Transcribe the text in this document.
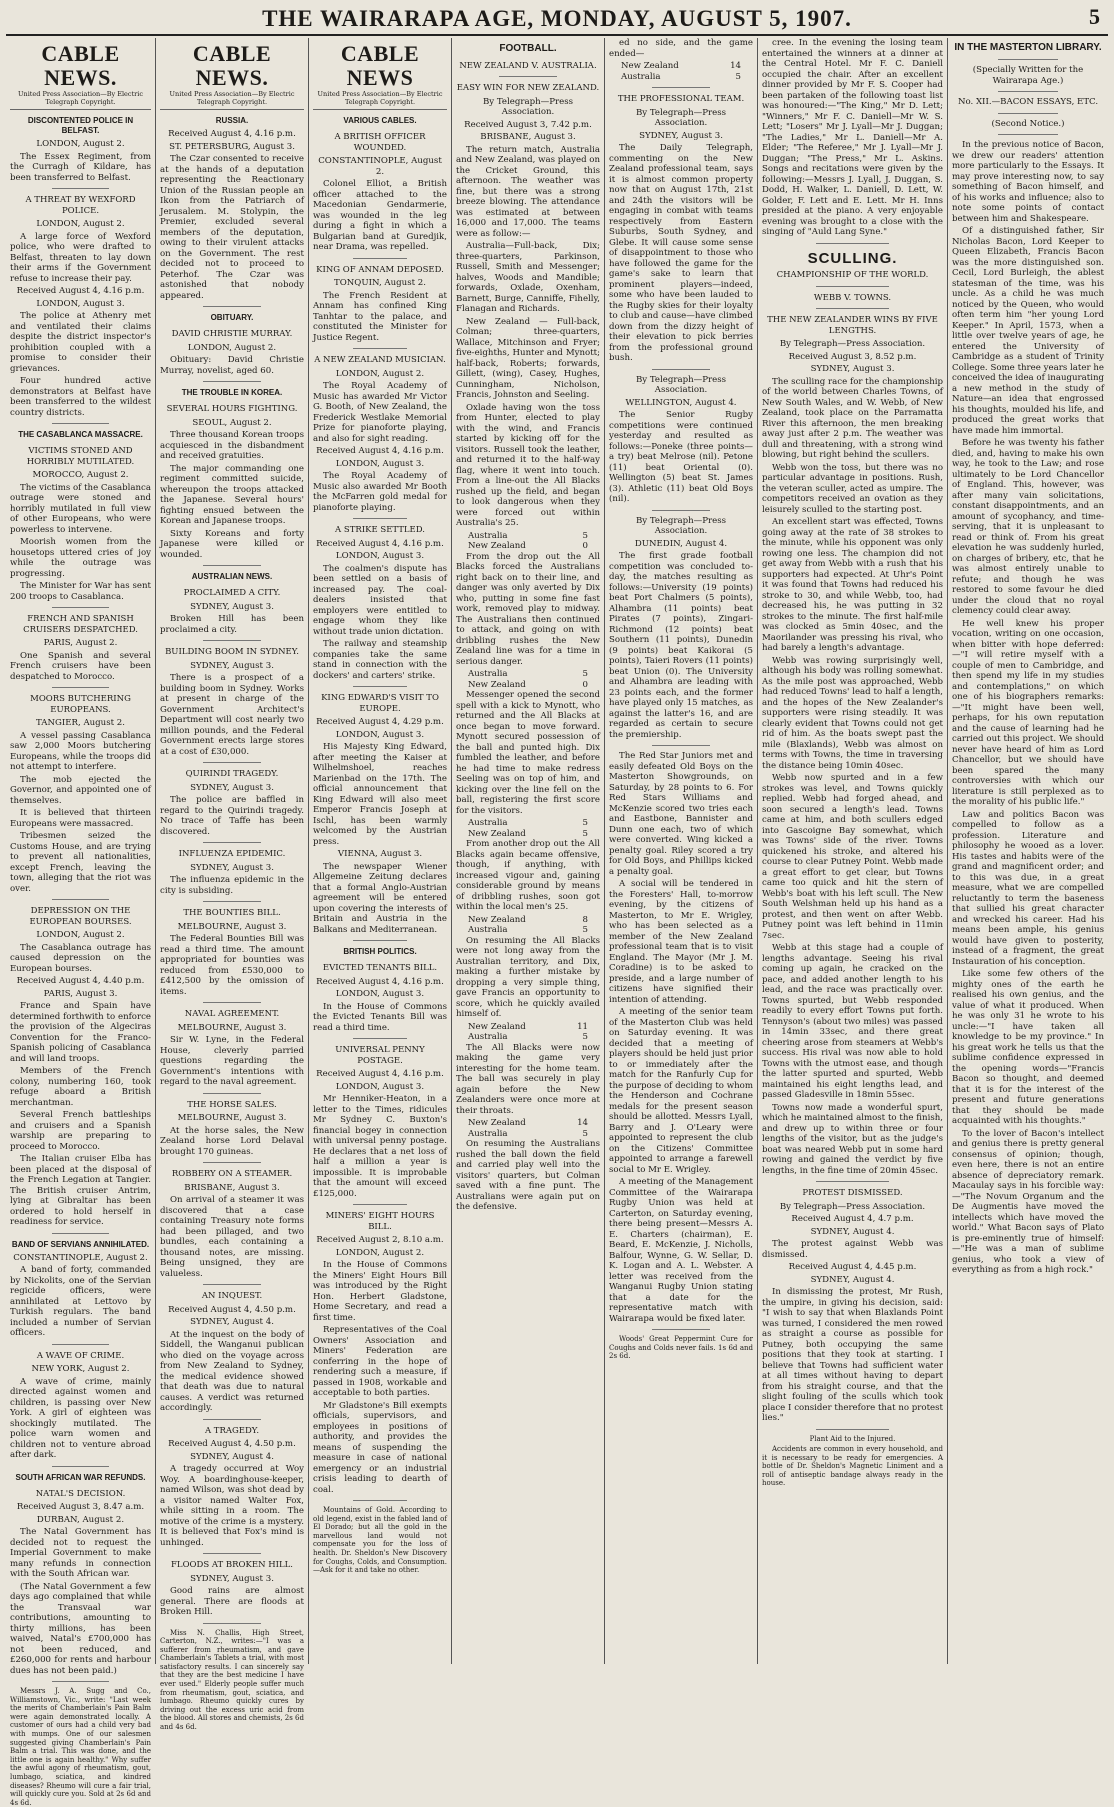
THE WAIRARAPA AGE, MONDAY, AUGUST 5, 1907.	5
CABLE NEWS.
United Press Association—By Electric Telegraph Copyright.
DISCONTENTED POLICE IN BELFAST.
LONDON, August 2.
The Essex Regiment, from the Curragh of Kildare, has been transferred to Belfast.
A THREAT BY WEXFORD POLICE.
LONDON, August 2.
A large force of Wexford police, who were drafted to Belfast, threaten to lay down their arms if the Government refuse to increase their pay.
Received August 4, 4.16 p.m.
LONDON, August 3.
The police at Athenry met and ventilated their claims despite the district inspector's prohibition coupled with a promise to consider their grievances.
Four hundred active demonstrators at Belfast have been transferred to the wildest country districts.
THE CASABLANCA MASSACRE.
VICTIMS STONED AND HORRIBLY MUTILATED.
MOROCCO, August 2.
The victims of the Casablanca outrage were stoned and horribly mutilated in full view of other Europeans, who were powerless to intervene.
Moorish women from the housetops uttered cries of joy while the outrage was progressing.
The Minister for War has sent 200 troops to Casablanca.
FRENCH AND SPANISH CRUISERS DESPATCHED.
PARIS, August 2.
One Spanish and several French cruisers have been despatched to Morocco.
MOORS BUTCHERING EUROPEANS.
TANGIER, August 2.
A vessel passing Casablanca saw 2,000 Moors butchering Europeans, while the troops did not attempt to interfere.
The mob ejected the Governor, and appointed one of themselves.
It is believed that thirteen Europeans were massacred.
Tribesmen seized the Customs House, and are trying to prevent all nationalities, except French, leaving the town, alleging that the riot was over.
DEPRESSION ON THE EUROPEAN BOURSES.
LONDON, August 2.
The Casablanca outrage has caused depression on the European bourses.
Received August 4, 4.40 p.m.
PARIS, August 3.
France and Spain have determined forthwith to enforce the provision of the Algeciras Convention for the Franco-Spanish policing of Casablanca and will land troops.
Members of the French colony, numbering 160, took refuge aboard a British merchantman.
Several French battleships and cruisers and a Spanish warship are preparing to proceed to Morocco.
The Italian cruiser Elba has been placed at the disposal of the French Legation at Tangier. The British cruiser Antrim, lying at Gibraltar has been ordered to hold herself in readiness for service.
BAND OF SERVIANS ANNIHILATED.
CONSTANTINOPLE, August 2.
A band of forty, commanded by Nickolits, one of the Servian regicide officers, were annihilated at Lettovo by Turkish regulars. The band included a number of Servian officers.
A WAVE OF CRIME.
NEW YORK, August 2.
A wave of crime, mainly directed against women and children, is passing over New York. A girl of eighteen was shockingly mutilated. The police warn women and children not to venture abroad after dark.
SOUTH AFRICAN WAR REFUNDS.
NATAL'S DECISION.
Received August 3, 8.47 a.m.
DURBAN, August 2.
The Natal Government has decided not to request the Imperial Government to make many refunds in connection with the South African war.
(The Natal Government a few days ago complained that while the Transvaal war contributions, amounting to thirty millions, has been waived, Natal's £700,000 has not been reduced, and £260,000 for rents and harbour dues has not been paid.)
Messrs J. A. Sugg and Co., Williamstown, Vic., write: "Last week the merits of Chamberlain's Pain Balm were again demonstrated locally. A customer of ours had a child very bad with mumps. One of our salesmen suggested giving Chamberlain's Pain Balm a trial. This was done, and the little one is again healthy." Why suffer the awful agony of rheumatism, gout, lumbago, sciatica, and kindred diseases? Rheumo will cure a fair trial, will quickly cure you. Sold at 2s 6d and 4s 6d.
CABLE NEWS.
United Press Association—By Electric Telegraph Copyright.
RUSSIA.
Received August 4, 4.16 p.m.
ST. PETERSBURG, August 3.
The Czar consented to receive at the hands of a deputation representing the Reactionary Union of the Russian people an Ikon from the Patriarch of Jerusalem. M. Stolypin, the Premier, excluded several members of the deputation, owing to their virulent attacks on the Government. The rest decided not to proceed to Peterhof. The Czar was astonished that nobody appeared.
OBITUARY.
DAVID CHRISTIE MURRAY.
LONDON, August 2.
Obituary: David Christie Murray, novelist, aged 60.
THE TROUBLE IN KOREA.
SEVERAL HOURS FIGHTING.
SEOUL, August 2.
Three thousand Korean troops acquiesced in the disbandment and received gratuities.
The major commanding one regiment committed suicide, whereupon the troops attacked the Japanese. Several hours' fighting ensued between the Korean and Japanese troops.
Sixty Koreans and forty Japanese were killed or wounded.
AUSTRALIAN NEWS.
PROCLAIMED A CITY.
SYDNEY, August 3.
Broken Hill has been proclaimed a city.
BUILDING BOOM IN SYDNEY.
SYDNEY, August 3.
There is a prospect of a building boom in Sydney. Works at present in charge of the Government Architect's Department will cost nearly two million pounds, and the Federal Government erects large stores at a cost of £30,000.
QUIRINDI TRAGEDY.
SYDNEY, August 3.
The police are baffled in regard to the Quirindi tragedy. No trace of Taffe has been discovered.
INFLUENZA EPIDEMIC.
SYDNEY, August 3.
The influenza epidemic in the city is subsiding.
THE BOUNTIES BILL.
MELBOURNE, August 3.
The Federal Bounties Bill was read a third time. The amount appropriated for bounties was reduced from £530,000 to £412,500 by the omission of items.
NAVAL AGREEMENT.
MELBOURNE, August 3.
Sir W. Lyne, in the Federal House, cleverly parried questions regarding the Government's intentions with regard to the naval agreement.
THE HORSE SALES.
MELBOURNE, August 3.
At the horse sales, the New Zealand horse Lord Delaval brought 170 guineas.
ROBBERY ON A STEAMER.
BRISBANE, August 3.
On arrival of a steamer it was discovered that a case containing Treasury note forms had been pillaged, and two bundles, each containing a thousand notes, are missing. Being unsigned, they are valueless.
AN INQUEST.
Received August 4, 4.50 p.m.
SYDNEY, August 4.
At the inquest on the body of Siddell, the Wanganui publican who died on the voyage across from New Zealand to Sydney, the medical evidence showed that death was due to natural causes. A verdict was returned accordingly.
A TRAGEDY.
Received August 4, 4.50 p.m.
SYDNEY, August 4.
A tragedy occurred at Woy Woy. A boardinghouse-keeper, named Wilson, was shot dead by a visitor named Walter Fox, while sitting in a room. The motive of the crime is a mystery. It is believed that Fox's mind is unhinged.
FLOODS AT BROKEN HILL.
SYDNEY, August 3.
Good rains are almost general. There are floods at Broken Hill.
Miss N. Challis, High Street, Carterton, N.Z., writes:—"I was a sufferer from rheumatism, and gave Chamberlain's Tablets a trial, with most satisfactory results. I can sincerely say that they are the best medicine I have ever used." Elderly people suffer much from rheumatism, gout, sciatica, and lumbago. Rheumo quickly cures by driving out the excess uric acid from the blood. All stores and chemists, 2s 6d and 4s 6d.
CABLE NEWS
United Press Association—By Electric Telegraph Copyright.
VARIOUS CABLES.
A BRITISH OFFICER WOUNDED.
CONSTANTINOPLE, August 2.
Colonel Elliot, a British officer attached to the Macedonian Gendarmerie, was wounded in the leg during a fight in which a Bulgarian band at Guredjik, near Drama, was repelled.
KING OF ANNAM DEPOSED.
TONQUIN, August 2.
The French Resident at Annam has confined King Tanhtar to the palace, and constituted the Minister for Justice Regent.
A NEW ZEALAND MUSICIAN.
LONDON, August 2.
The Royal Academy of Music has awarded Mr Victor G. Booth, of New Zealand, the Frederick Westlake Memorial Prize for pianoforte playing, and also for sight reading.
Received August 4, 4.16 p.m.
LONDON, August 3.
The Royal Academy of Music also awarded Mr Booth the McFarren gold medal for pianoforte playing.
A STRIKE SETTLED.
Received August 4, 4.16 p.m.
LONDON, August 3.
The coalmen's dispute has been settled on a basis of increased pay. The coal-dealers insisted that employers were entitled to engage whom they like without trade union dictation.
The railway and steamship companies take the same stand in connection with the dockers' and carters' strike.
KING EDWARD'S VISIT TO EUROPE.
Received August 4, 4.29 p.m.
LONDON, August 3.
His Majesty King Edward, after meeting the Kaiser at Wilhelmshoel, reaches Marienbad on the 17th. The official announcement that King Edward will also meet Emperor Francis Joseph at Ischl, has been warmly welcomed by the Austrian press.
VIENNA, August 3.
The newspaper Wiener Allgemeine Zeitung declares that a formal Anglo-Austrian agreement will be entered upon covering the interests of Britain and Austria in the Balkans and Mediterranean.
BRITISH POLITICS.
EVICTED TENANTS BILL.
Received August 4, 4.16 p.m.
LONDON, August 3.
In the House of Commons the Evicted Tenants Bill was read a third time.
UNIVERSAL PENNY POSTAGE.
Received August 4, 4.16 p.m.
LONDON, August 3.
Mr Henniker-Heaton, in a letter to the Times, ridicules Mr Sydney C. Buxton's financial bogey in connection with universal penny postage. He declares that a net loss of half a million a year is impossible. It is improbable that the amount will exceed £125,000.
MINERS' EIGHT HOURS BILL.
Received August 2, 8.10 a.m.
LONDON, August 2.
In the House of Commons the Miners' Eight Hours Bill was introduced by the Right Hon. Herbert Gladstone, Home Secretary, and read a first time.
Representatives of the Coal Owners' Association and Miners' Federation are conferring in the hope of rendering such a measure, if passed in 1908, workable and acceptable to both parties.
Mr Gladstone's Bill exempts officials, supervisors, and employees in positions of authority, and provides the means of suspending the measure in case of national emergency or an industrial crisis leading to dearth of coal.
Mountains of Gold. According to old legend, exist in the fabled land of El Dorado; but all the gold in the marvellous land would not compensate you for the loss of health. Dr. Sheldon's New Discovery for Coughs, Colds, and Consumption.—Ask for it and take no other.
FOOTBALL.
NEW ZEALAND V. AUSTRALIA.
EASY WIN FOR NEW ZEALAND.
By Telegraph—Press Association.
Received August 3, 7.42 p.m.
BRISBANE, August 3.
The return match, Australia and New Zealand, was played on the Cricket Ground, this afternoon. The weather was fine, but there was a strong breeze blowing. The attendance was estimated at between 16,000 and 17,000. The teams were as follow:—
Australia—Full-back, Dix; three-quarters, Parkinson, Russell, Smith and Messenger; halves, Woods and Mandible; forwards, Oxlade, Oxenham, Barnett, Burge, Canniffe, Fihelly, Flanagan and Richards.
New Zealand — Full-back, Colman; three-quarters, Wallace, Mitchinson and Fryer; five-eighths, Hunter and Mynott; half-back, Roberts; forwards, Gillett, (wing), Casey, Hughes, Cunningham, Nicholson, Francis, Johnston and Seeling.
Oxlade having won the toss from Hunter, elected to play with the wind, and Francis started by kicking off for the visitors. Russell took the leather, and returned it to the half-way flag, where it went into touch. From a line-out the All Blacks rushed up the field, and began to look dangerous when they were forced out within Australia's 25.
Australia	5
New Zealand	0
From the drop out the All Blacks forced the Australians right back on to their line, and danger was only averted by Dix who, putting in some fine fast work, removed play to midway. The Australians then continued to attack, and going on with dribbling rushes the New Zealand line was for a time in serious danger.
Australia	5
New Zealand	0
Messenger opened the second spell with a kick to Mynott, who returned and the All Blacks at once began to move forward. Mynott secured possession of the ball and punted high. Dix fumbled the leather, and before he had time to make redress Seeling was on top of him, and kicking over the line fell on the ball, registering the first score for the visitors.
Australia	5
New Zealand	5
From another drop out the All Blacks again became offensive, though, if anything, with increased vigour and, gaining considerable ground by means of dribbling rushes, soon got within the local men's 25.
New Zealand	8
Australia	5
On resuming the All Blacks were not long away from the Australian territory, and Dix, making a further mistake by dropping a very simple thing, gave Francis an opportunity to score, which he quickly availed himself of.
New Zealand	11
Australia	5
The All Blacks were now making the game very interesting for the home team. The ball was securely in play again before the New Zealanders were once more at their throats.
New Zealand	14
Australia	5
On resuming the Australians rushed the ball down the field and carried play well into the visitors' quarters, but Colman saved with a fine punt. The Australians were again put on the defensive.
ed no side, and the game ended—
New Zealand	14
Australia	5
THE PROFESSIONAL TEAM.
By Telegraph—Press Association.
SYDNEY, August 3.
The Daily Telegraph, commenting on the New Zealand professional team, says it is almost common property now that on August 17th, 21st and 24th the visitors will be engaging in combat with teams respectively from Eastern Suburbs, South Sydney, and Glebe. It will cause some sense of disappointment to those who have followed the game for the game's sake to learn that prominent players—indeed, some who have been lauded to the Rugby skies for their loyalty to club and cause—have climbed down from the dizzy height of their elevation to pick berries from the professional ground bush.
By Telegraph—Press Association.
WELLINGTON, August 4.
The Senior Rugby competitions were continued yesterday and resulted as follows:—Poneke (three points—a try) beat Melrose (nil). Petone (11) beat Oriental (0). Wellington (5) beat St. James (3). Athletic (11) beat Old Boys (nil).
By Telegraph—Press Association.
DUNEDIN, August 4.
The first grade football competition was concluded to-day, the matches resulting as follows:—University (19 points) beat Port Chalmers (5 points), Alhambra (11 points) beat Pirates (7 points), Zingari-Richmond (12 points) beat Southern (11 points), Dunedin (9 points) beat Kaikorai (5 points), Taieri Rovers (11 points) beat Union (0). The University and Alhambra are leading with 23 points each, and the former have played only 15 matches, as against the latter's 16, and are regarded as certain to secure the premiership.
The Red Star Juniors met and easily defeated Old Boys on the Masterton Showgrounds, on Saturday, by 28 points to 6. For Red Stars Williams and McKenzie scored two tries each and Eastbone, Bannister and Dunn one each, two of which were converted. Wing kicked a penalty goal. Riley scored a try for Old Boys, and Phillips kicked a penalty goal.
A social will be tendered in the Foresters' Hall, to-morrow evening, by the citizens of Masterton, to Mr E. Wrigley, who has been selected as a member of the New Zealand professional team that is to visit England. The Mayor (Mr J. M. Coradine) is to be asked to preside, and a large number of citizens have signified their intention of attending.
A meeting of the senior team of the Masterton Club was held on Saturday evening. It was decided that a meeting of players should be held just prior to or immediately after the match for the Ranfurly Cup for the purpose of deciding to whom the Henderson and Cochrane medals for the present season should be allotted. Messrs Lyall, Barry and J. O'Leary were appointed to represent the club on the Citizens' Committee appointed to arrange a farewell social to Mr E. Wrigley.
A meeting of the Management Committee of the Wairarapa Rugby Union was held at Carterton, on Saturday evening, there being present—Messrs A. E. Charters (chairman), E. Beard, E. McKenzie, J. Nicholls, Balfour, Wynne, G. W. Sellar, D. K. Logan and A. L. Webster. A letter was received from the Wanganui Rugby Union stating that a date for the representative match with Wairarapa would be fixed later.
Woods' Great Peppermint Cure for Coughs and Colds never fails. 1s 6d and 2s 6d.
cree. In the evening the losing team entertained the winners at a dinner at the Central Hotel. Mr F. C. Daniell occupied the chair. After an excellent dinner provided by Mr F. S. Cooper had been partaken of the following toast list was honoured:—"The King," Mr D. Lett; "Winners," Mr F. C. Daniell—Mr W. S. Lett; "Losers" Mr J. Lyall—Mr J. Duggan; "The Ladies," Mr L. Daniell—Mr A. Elder; "The Referee," Mr J. Lyall—Mr J. Duggan; "The Press," Mr L. Askins. Songs and recitations were given by the following:—Messrs J. Lyall, J. Duggan, S. Dodd, H. Walker, L. Daniell, D. Lett, W. Golder, F. Lett and E. Lett. Mr H. Inns presided at the piano. A very enjoyable evening was brought to a close with the singing of "Auld Lang Syne."
SCULLING.
CHAMPIONSHIP OF THE WORLD.
WEBB V. TOWNS.
THE NEW ZEALANDER WINS BY FIVE LENGTHS.
By Telegraph—Press Association.
Received August 3, 8.52 p.m.
SYDNEY, August 3.
The sculling race for the championship of the world between Charles Towns, of New South Wales, and W. Webb, of New Zealand, took place on the Parramatta River this afternoon, the men breaking away just after 2 p.m. The weather was dull and threatening, with a strong wind blowing, but right behind the scullers.
Webb won the toss, but there was no particular advantage in positions. Rush, the veteran sculler, acted as umpire. The competitors received an ovation as they leisurely sculled to the starting post.
An excellent start was effected, Towns going away at the rate of 38 strokes to the minute, while his opponent was only rowing one less. The champion did not get away from Webb with a rush that his supporters had expected. At Uhr's Point it was found that Towns had reduced his stroke to 30, and while Webb, too, had decreased his, he was putting in 32 strokes to the minute. The first half-mile was clocked as 5min 40sec, and the Maorilander was pressing his rival, who had barely a length's advantage.
Webb was rowing surprisingly well, although his body was rolling somewhat. As the mile post was approached, Webb had reduced Towns' lead to half a length, and the hopes of the New Zealander's supporters were rising steadily. It was clearly evident that Towns could not get rid of him. As the boats swept past the mile (Blaxlands), Webb was almost on terms with Towns, the time in traversing the distance being 10min 40sec.
Webb now spurted and in a few strokes was level, and Towns quickly replied. Webb had forged ahead, and soon secured a length's lead. Towns came at him, and both scullers edged into Gascoigne Bay somewhat, which was Towns' side of the river. Towns quickened his stroke, and altered his course to clear Putney Point. Webb made a great effort to get clear, but Towns came too quick and hit the stern of Webb's boat with his left scull. The New South Welshman held up his hand as a protest, and then went on after Webb. Putney point was left behind in 11min 7sec.
Webb at this stage had a couple of lengths advantage. Seeing his rival coming up again, he cracked on the pace, and added another length to his lead, and the race was practically over. Towns spurted, but Webb responded readily to every effort Towns put forth. Tennyson's (about two miles) was passed in 14min 33sec, and there great cheering arose from steamers at Webb's success. His rival was now able to hold Towns with the utmost ease, and though the latter spurted and spurted, Webb maintained his eight lengths lead, and passed Gladesville in 18min 55sec.
Towns now made a wonderful spurt, which he maintained almost to the finish, and drew up to within three or four lengths of the visitor, but as the judge's boat was neared Webb put in some hard rowing and gained the verdict by five lengths, in the fine time of 20min 45sec.
PROTEST DISMISSED.
By Telegraph—Press Association.
Received August 4, 4.7 p.m.
SYDNEY, August 4.
The protest against Webb was dismissed.
Received August 4, 4.45 p.m.
SYDNEY, August 4.
In dismissing the protest, Mr Rush, the umpire, in giving his decision, said: "I wish to say that when Blaxlands Point was turned, I considered the men rowed as straight a course as possible for Putney, both occupying the same positions that they took at starting. I believe that Towns had sufficient water at all times without having to depart from his straight course, and that the slight fouling of the sculls which took place I consider therefore that no protest lies."
Plant Aid to the Injured.
Accidents are common in every household, and it is necessary to be ready for emergencies. A bottle of Dr. Sheldon's Magnetic Liniment and a roll of antiseptic bandage always ready in the house.
IN THE MASTERTON LIBRARY.
(Specially Written for the Wairarapa Age.)
No. XII.—BACON ESSAYS, ETC.
(Second Notice.)
In the previous notice of Bacon, we drew our readers' attention more particularly to the Essays. It may prove interesting now, to say something of Bacon himself, and of his works and influence; also to note some points of contact between him and Shakespeare.
Of a distinguished father, Sir Nicholas Bacon, Lord Keeper to Queen Elizabeth, Francis Bacon was the more distinguished son. Cecil, Lord Burleigh, the ablest statesman of the time, was his uncle. As a child he was much noticed by the Queen, who would often term him "her young Lord Keeper." In April, 1573, when a little over twelve years of age, he entered the University of Cambridge as a student of Trinity College. Some three years later he conceived the idea of inaugurating a new method in the study of Nature—an idea that engrossed his thoughts, moulded his life, and produced the great works that have made him immortal.
Before he was twenty his father died, and, having to make his own way, he took to the Law; and rose ultimately to be Lord Chancellor of England. This, however, was after many vain solicitations, constant disappointments, and an amount of sycophancy, and time-serving, that it is unpleasant to read or think of. From his great elevation he was suddenly hurled, on charges of bribery, etc, that he was almost entirely unable to refute; and though he was restored to some favour he died under the cloud that no royal clemency could clear away.
He well knew his proper vocation, writing on one occasion, when bitter with hope deferred:—"I will retire myself with a couple of men to Cambridge, and then spend my life in my studies and contemplations," on which one of his biographers remarks:—"It might have been well, perhaps, for his own reputation and the cause of learning had he carried out this project. We should never have heard of him as Lord Chancellor, but we should have been spared the many controversies with which our literature is still perplexed as to the morality of his public life."
Law and politics Bacon was compelled to follow as a profession. Literature and philosophy he wooed as a lover. His tastes and habits were of the grand and magnificent order; and to this was due, in a great measure, what we are compelled reluctantly to term the baseness that sullied his great character and wrecked his career. Had his means been ample, his genius would have given to posterity, instead of a fragment, the great Instauration of his conception.
Like some few others of the mighty ones of the earth he realised his own genius, and the value of what it produced. When he was only 31 he wrote to his uncle:—"I have taken all knowledge to be my province." In his great work he tells us that the sublime confidence expressed in the opening words—"Francis Bacon so thought, and deemed that it is for the interest of the present and future generations that they should be made acquainted with his thoughts."
To the lover of Bacon's intellect and genius there is pretty general consensus of opinion; though, even here, there is not an entire absence of depreciatory remark. Macaulay says in his forcible way:—"The Novum Organum and the De Augmentis have moved the intellects which have moved the world." What Bacon says of Plato is pre-eminently true of himself:—"He was a man of sublime genius, who took a view of everything as from a high rock."
